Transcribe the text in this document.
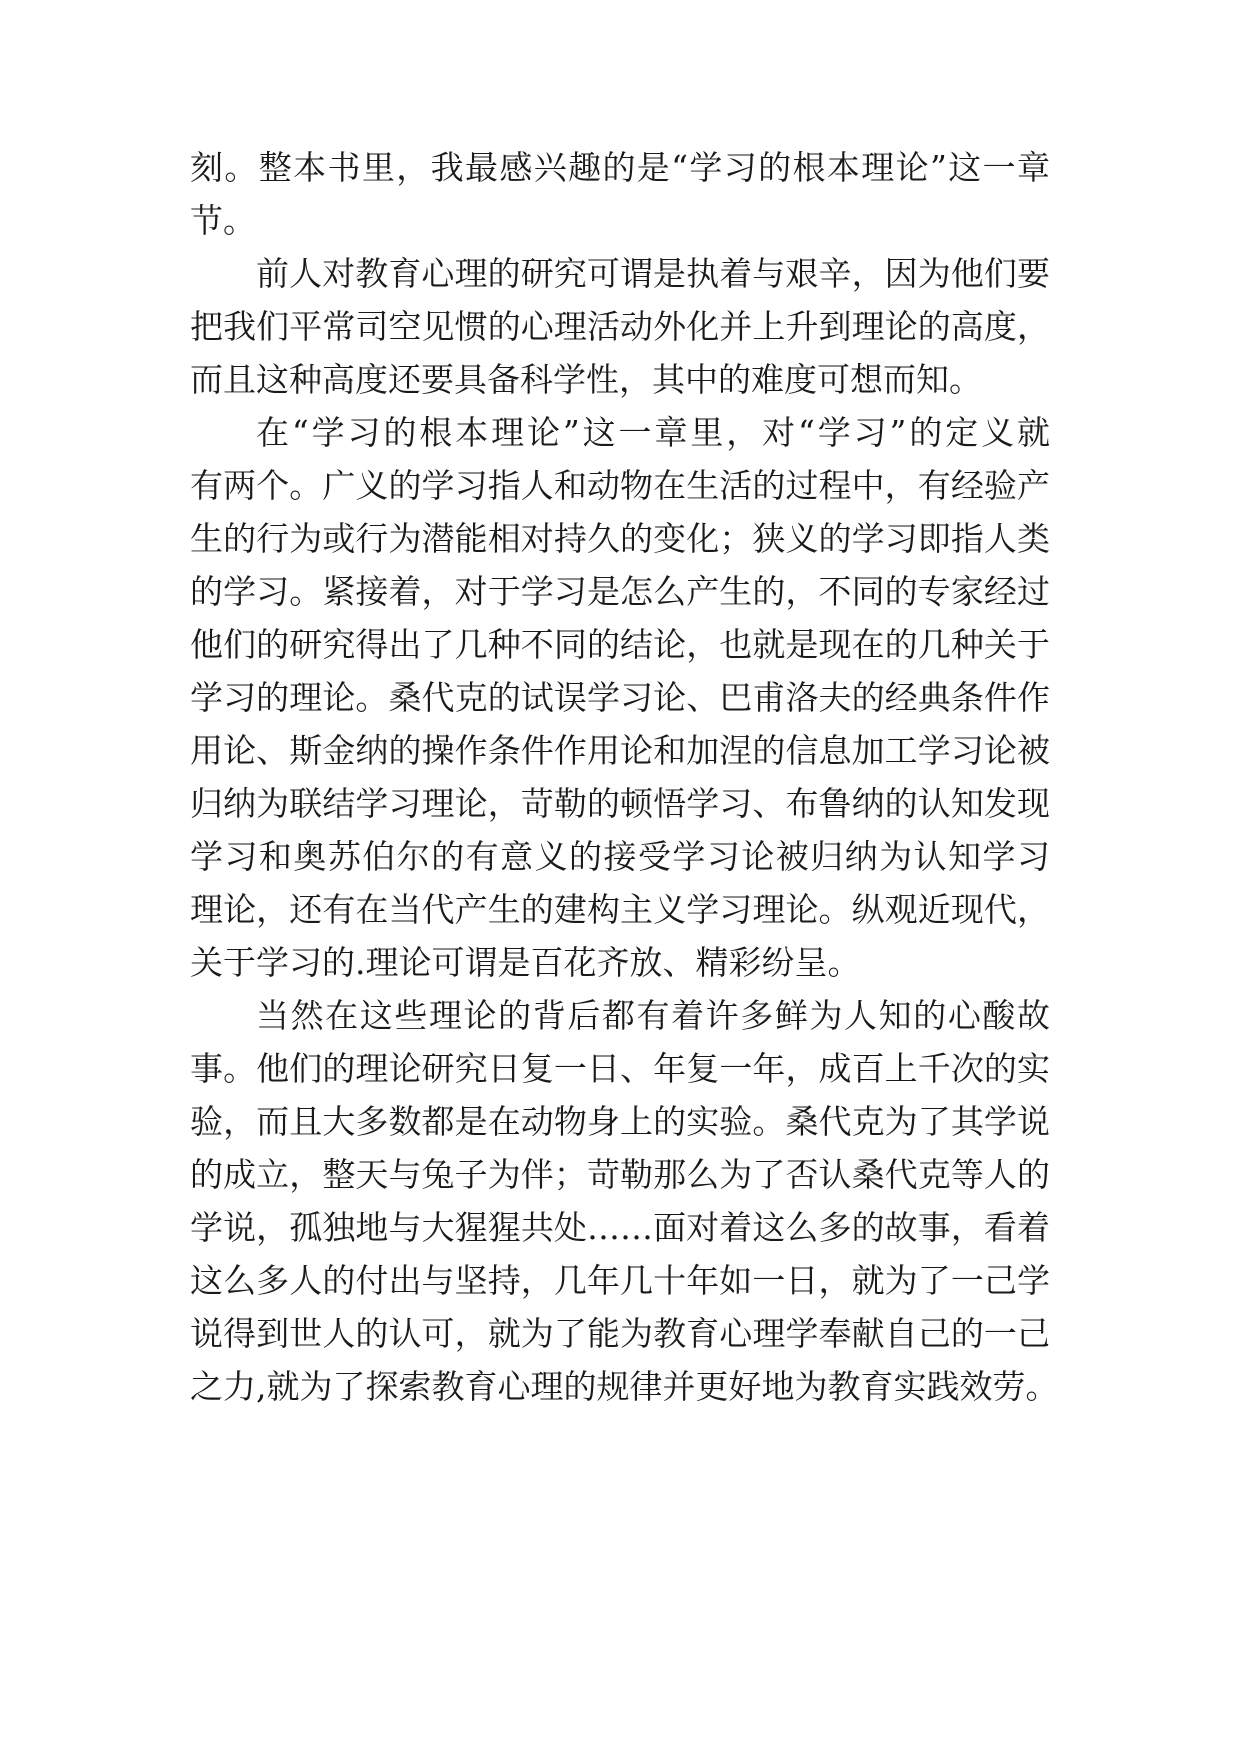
刻。整本书里，我最感兴趣的是“学习的根本理论”这一章
节。
前人对教育心理的研究可谓是执着与艰辛，因为他们要
把我们平常司空见惯的心理活动外化并上升到理论的高度，
而且这种高度还要具备科学性，其中的难度可想而知。
在“学习的根本理论”这一章里，对“学习”的定义就
有两个。广义的学习指人和动物在生活的过程中，有经验产
生的行为或行为潜能相对持久的变化；狭义的学习即指人类
的学习。紧接着，对于学习是怎么产生的，不同的专家经过
他们的研究得出了几种不同的结论，也就是现在的几种关于
学习的理论。桑代克的试误学习论、巴甫洛夫的经典条件作
用论、斯金纳的操作条件作用论和加涅的信息加工学习论被
归纳为联结学习理论，苛勒的顿悟学习、布鲁纳的认知发现
学习和奥苏伯尔的有意义的接受学习论被归纳为认知学习
理论，还有在当代产生的建构主义学习理论。纵观近现代，
关于学习的.理论可谓是百花齐放、精彩纷呈。
当然在这些理论的背后都有着许多鲜为人知的心酸故
事。他们的理论研究日复一日、年复一年，成百上千次的实
验，而且大多数都是在动物身上的实验。桑代克为了其学说
的成立，整天与兔子为伴；苛勒那么为了否认桑代克等人的
学说，孤独地与大猩猩共处……面对着这么多的故事，看着
这么多人的付出与坚持，几年几十年如一日，就为了一己学
说得到世人的认可，就为了能为教育心理学奉献自己的一己
之力,就为了探索教育心理的规律并更好地为教育实践效劳。
